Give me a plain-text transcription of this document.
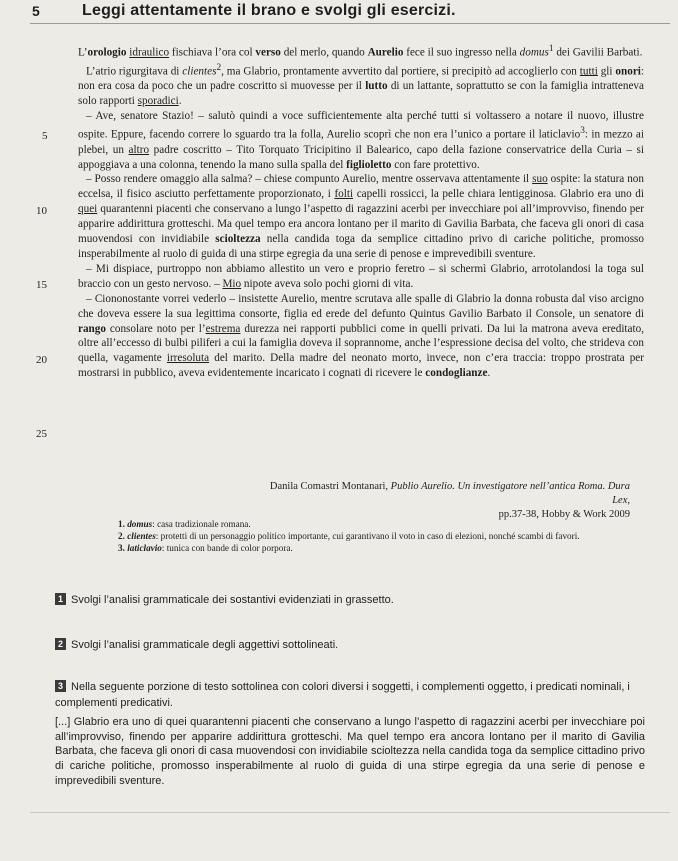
5	Leggi attentamente il brano e svolgi gli esercizi.
5
10
15
20
25

L’orologio idraulico fischiava l’ora col verso del merlo, quando Aurelio fece il suo ingresso nella domus$^1$ dei Gavilii Barbati.

L’atrio rigurgitava di clientes$^2$, ma Glabrio, prontamente avvertito dal portiere, si precipitò ad accoglierlo con tutti gli onori: non era cosa da poco che un padre coscritto si muovesse per il lutto di un lattante, soprattutto se con la famiglia intratteneva solo rapporti sporadici.

– Ave, senatore Stazio! – salutò quindi a voce sufficientemente alta perché tutti si voltassero a notare il nuovo, illustre ospite. Eppure, facendo correre lo sguardo tra la folla, Aurelio scoprì che non era l’unico a portare il laticlavio$^3$: in mezzo ai plebei, un altro padre coscritto – Tito Torquato Tricipitino il Balearico, capo della fazione conservatrice della Curia – si appoggiava a una colonna, tenendo la mano sulla spalla del figlioletto con fare protettivo.

– Posso rendere omaggio alla salma? – chiese compunto Aurelio, mentre osservava attentamente il suo ospite: la statura non eccelsa, il fisico asciutto perfettamente proporzionato, i folti capelli rossicci, la pelle chiara lentigginosa. Glabrio era uno di quei quarantenni piacenti che conservano a lungo l’aspetto di ragazzini acerbi per invecchiare poi all’improvviso, finendo per apparire addirittura grotteschi. Ma quel tempo era ancora lontano per il marito di Gavilia Barbata, che faceva gli onori di casa muovendosi con invidiabile scioltezza nella candida toga da semplice cittadino privo di cariche politiche, promosso insperabilmente al ruolo di guida di una stirpe egregia da una serie di penose e imprevedibili sventure.

– Mi dispiace, purtroppo non abbiamo allestito un vero e proprio feretro – si schermì Glabrio, arrotolandosi la toga sul braccio con un gesto nervoso. – Mio nipote aveva solo pochi giorni di vita.

– Ciononostante vorrei vederlo – insistette Aurelio, mentre scrutava alle spalle di Glabrio la donna robusta dal viso arcigno che doveva essere la sua legittima consorte, figlia ed erede del defunto Quintus Gavilio Barbato il Console, un senatore di rango consolare noto per l’estrema durezza nei rapporti pubblici come in quelli privati. Da lui la matrona aveva ereditato, oltre all’eccesso di bulbi piliferi a cui la famiglia doveva il soprannome, anche l’espressione decisa del volto, che strideva con quella, vagamente irresoluta del marito. Della madre del neonato morto, invece, non c’era traccia: troppo prostrata per mostrarsi in pubblico, aveva evidentemente incaricato i cognati di ricevere le condoglianze.

Danila Comastri Montanari, Publio Aurelio. Un investigatore nell’antica Roma. Dura Lex,
pp.37-38, Hobby & Work 2009
1. domus: casa tradizionale romana.
2. clientes: protetti di un personaggio politico importante, cui garantivano il voto in caso di elezioni, nonché scambi di favori.
3. laticlavio: tunica con bande di color porpora.
1 Svolgi l’analisi grammaticale dei sostantivi evidenziati in grassetto.
2 Svolgi l’analisi grammaticale degli aggettivi sottolineati.
3 Nella seguente porzione di testo sottolinea con colori diversi i soggetti, i complementi oggetto, i predicati nominali, i complementi predicativi.
[...] Glabrio era uno di quei quarantenni piacenti che conservano a lungo l’aspetto di ragazzini acerbi per invecchiare poi all’improvviso, finendo per apparire addirittura grotteschi. Ma quel tempo era ancora lontano per il marito di Gavilia Barbata, che faceva gli onori di casa muovendosi con invidiabile scioltezza nella candida toga da semplice cittadino privo di cariche politiche, promosso insperabilmente al ruolo di guida di una stirpe egregia da una serie di penose e imprevedibili sventure.
